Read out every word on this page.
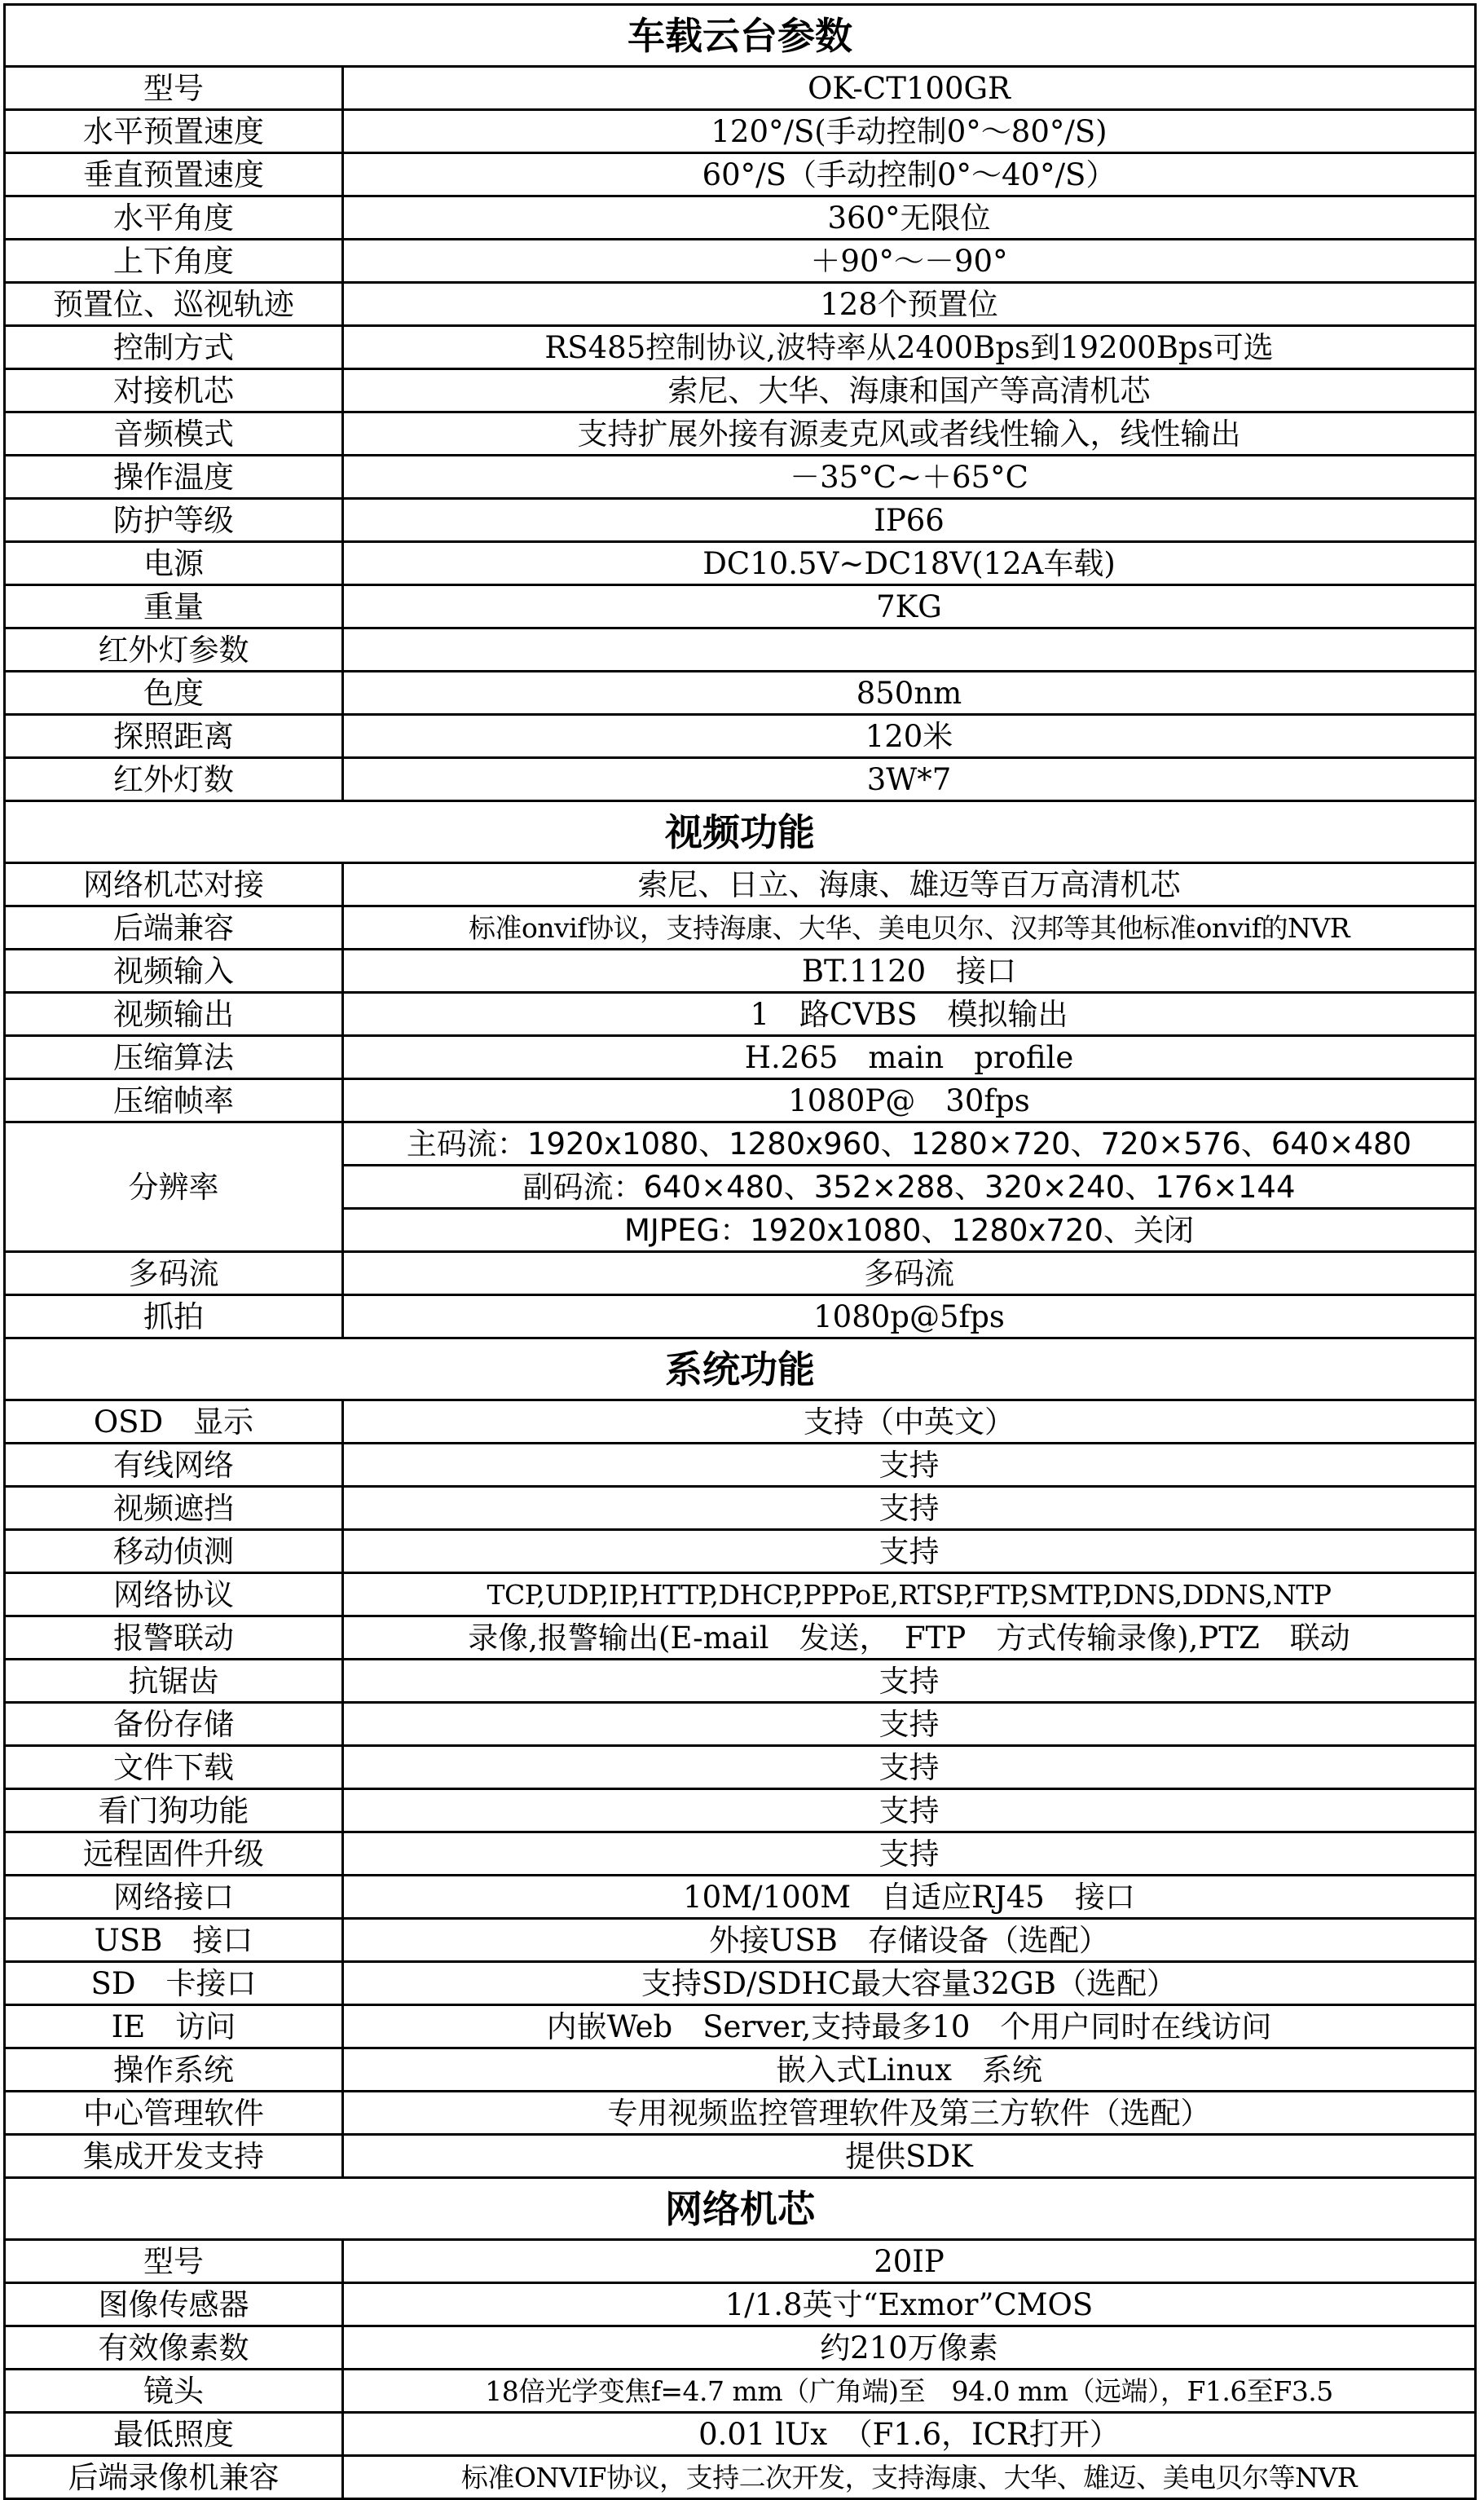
车载云台参数	
型号	OK-CT100GR
水平预置速度	120°/S(手动控制0°～80°/S)
垂直预置速度	60°/S（手动控制0°～40°/S）
水平角度	360°无限位
上下角度	＋90°～－90°
预置位、巡视轨迹	128个预置位
控制方式	RS485控制协议,波特率从2400Bps到19200Bps可选
对接机芯	索尼、大华、海康和国产等高清机芯
音频模式	支持扩展外接有源麦克风或者线性输入，线性输出
操作温度	－35°C~＋65°C
防护等级	IP66
电源	DC10.5V~DC18V(12A车载)
重量	7KG
红外灯参数	
色度	850nm
探照距离	120米
红外灯数	3W*7
视频功能	
网络机芯对接	索尼、日立、海康、雄迈等百万高清机芯
后端兼容	标准onvif协议，支持海康、大华、美电贝尔、汉邦等其他标准onvif的NVR
视频输入	BT.1120　接口
视频输出	1　路CVBS　模拟输出
压缩算法	H.265　main　profile
压缩帧率	1080P@　30fps
分辨率	主码流：1920x1080、1280x960、1280×720、720×576、640×480
	副码流：640×480、352×288、320×240、176×144
	MJPEG：1920x1080、1280x720、关闭
多码流	多码流
抓拍	1080p@5fps
系统功能	
OSD　显示	支持（中英文）
有线网络	支持
视频遮挡	支持
移动侦测	支持
网络协议	TCP,UDP,IP,HTTP,DHCP,PPPoE,RTSP,FTP,SMTP,DNS,DDNS,NTP
报警联动	录像,报警输出(E-mail　发送，　FTP　方式传输录像),PTZ　联动
抗锯齿	支持
备份存储	支持
文件下载	支持
看门狗功能	支持
远程固件升级	支持
网络接口	10M/100M　自适应RJ45　接口
USB　接口	外接USB　存储设备（选配）
SD　卡接口	支持SD/SDHC最大容量32GB（选配）
IE　访问	内嵌Web　Server,支持最多10　个用户同时在线访问
操作系统	嵌入式Linux　系统
中心管理软件	专用视频监控管理软件及第三方软件（选配）
集成开发支持	提供SDK
网络机芯	
型号	20IP
图像传感器	1/1.8英寸“Exmor”CMOS
有效像素数	约210万像素
镜头	18倍光学变焦f=4.7 mm（广角端)至　94.0 mm（远端），F1.6至F3.5
最低照度	0.01 lUx　（F1.6，ICR打开）
后端录像机兼容	标准ONVIF协议，支持二次开发，支持海康、大华、雄迈、美电贝尔等NVR
